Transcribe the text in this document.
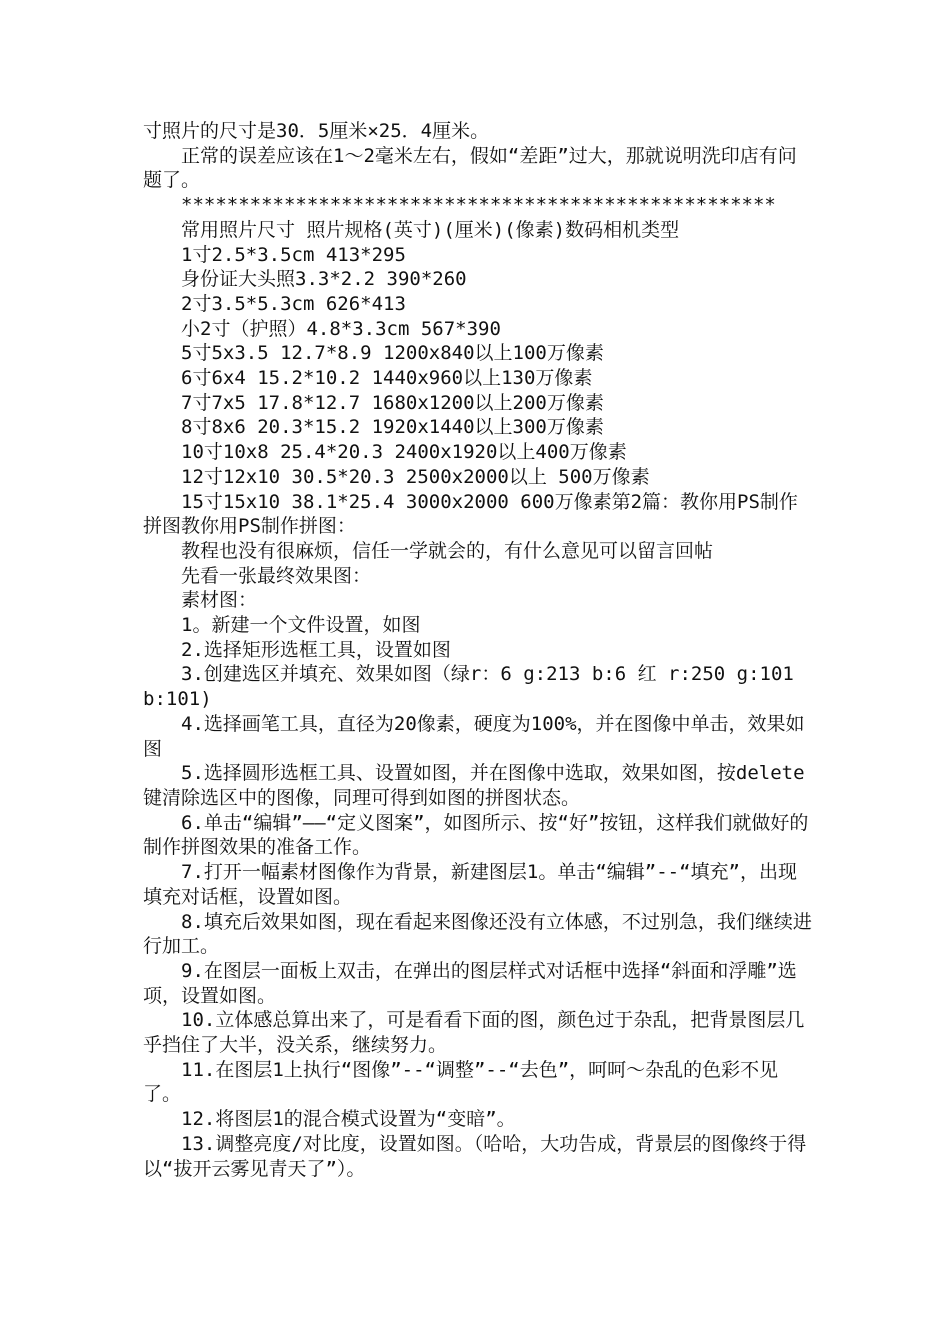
寸照片的尺寸是30．5厘米×25．4厘米。

正常的误差应该在1～2毫米左右，假如“差距”过大，那就说明洗印店有问题了。

****************************************************

常用照片尺寸 照片规格(英寸)(厘米)(像素)数码相机类型

1寸2.5*3.5cm 413*295

身份证大头照3.3*2.2 390*260

2寸3.5*5.3cm 626*413

小2寸（护照）4.8*3.3cm 567*390

5寸5x3.5 12.7*8.9 1200x840以上100万像素

6寸6x4 15.2*10.2 1440x960以上130万像素

7寸7x5 17.8*12.7 1680x1200以上200万像素

8寸8x6 20.3*15.2 1920x1440以上300万像素

10寸10x8 25.4*20.3 2400x1920以上400万像素

12寸12x10 30.5*20.3 2500x2000以上 500万像素

15寸15x10 38.1*25.4 3000x2000 600万像素第2篇：教你用PS制作拼图教你用PS制作拼图：

教程也没有很麻烦，信任一学就会的，有什么意见可以留言回帖

先看一张最终效果图：

素材图：

1。新建一个文件设置，如图

2.选择矩形选框工具，设置如图

3.创建选区并填充、效果如图（绿r：6 g:213 b:6 红 r:250 g:101 b:101)

4.选择画笔工具，直径为20像素，硬度为100%，并在图像中单击，效果如图

5.选择圆形选框工具、设置如图，并在图像中选取，效果如图，按delete键清除选区中的图像，同理可得到如图的拼图状态。

6.单击“编辑”——“定义图案”，如图所示、按“好”按钮，这样我们就做好的制作拼图效果的准备工作。

7.打开一幅素材图像作为背景，新建图层1。单击“编辑”--“填充”，出现填充对话框，设置如图。

8.填充后效果如图，现在看起来图像还没有立体感，不过别急，我们继续进行加工。

9.在图层一面板上双击，在弹出的图层样式对话框中选择“斜面和浮雕”选项，设置如图。

10.立体感总算出来了，可是看看下面的图，颜色过于杂乱，把背景图层几乎挡住了大半，没关系，继续努力。

11.在图层1上执行“图像”--“调整”--“去色”，呵呵～杂乱的色彩不见了。

12.将图层1的混合模式设置为“变暗”。

13.调整亮度/对比度，设置如图。（哈哈，大功告成，背景层的图像终于得以“拔开云雾见青天了”）。
